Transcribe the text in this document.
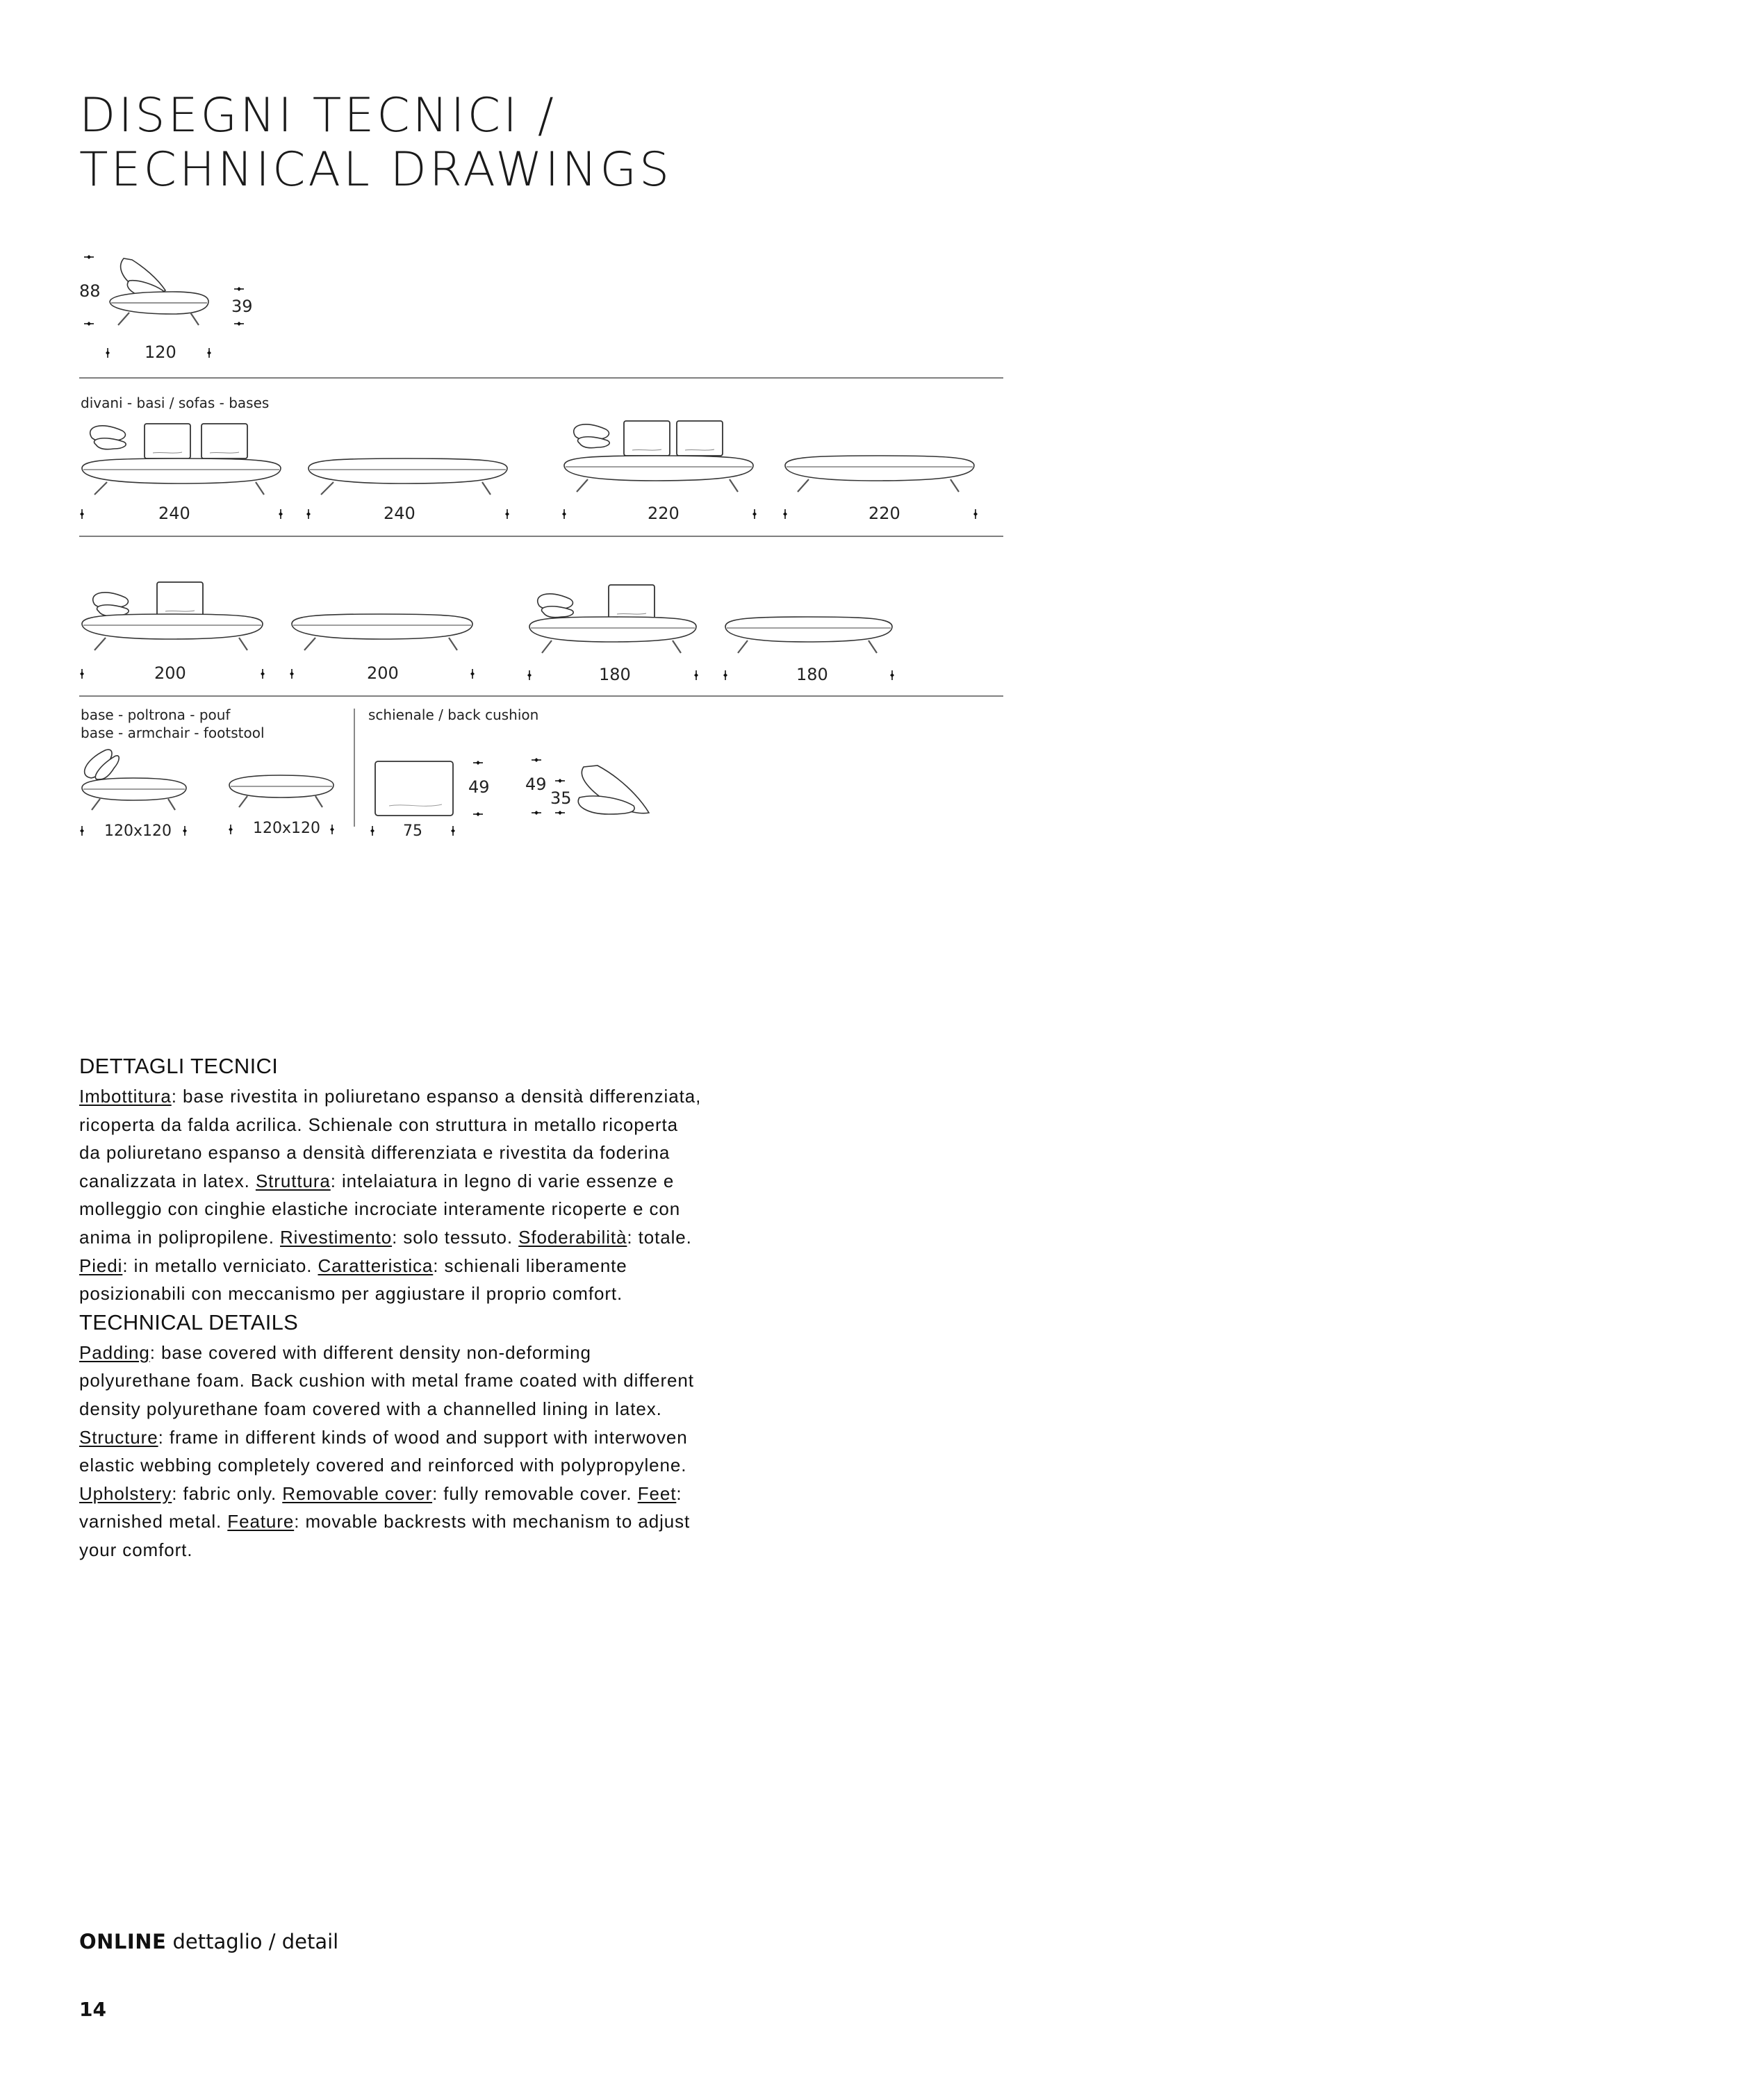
DISEGNI TECNICI /
TECHNICAL DRAWINGS
88
39
120
divani - basi / sofas - bases
240	240	220	220
200	200	180	180
base - poltrona - pouf
base - armchair - footstool
schienale / back cushion
120x120	120x120	75
49 49
35
DETTAGLI TECNICI

Imbottitura: base rivestita in poliuretano espanso a densità differenziata, ricoperta da falda acrilica. Schienale con struttura in metallo ricoperta da poliuretano espanso a densità differenziata e rivestita da foderina canalizzata in latex. Struttura: intelaiatura in legno di varie essenze e molleggio con cinghie elastiche incrociate interamente ricoperte e con anima in polipropilene. Rivestimento: solo tessuto. Sfoderabilità: totale. Piedi: in metallo verniciato. Caratteristica: schienali liberamente posizionabili con meccanismo per aggiustare il proprio comfort.

TECHNICAL DETAILS

Padding: base covered with different density non-deforming polyurethane foam. Back cushion with metal frame coated with different density polyurethane foam covered with a channelled lining in latex. Structure: frame in different kinds of wood and support with interwoven elastic webbing completely covered and reinforced with polypropylene. Upholstery: fabric only. Removable cover: fully removable cover. Feet: varnished metal. Feature: movable backrests with mechanism to adjust your comfort.

ONLINE dettaglio / detail
14
